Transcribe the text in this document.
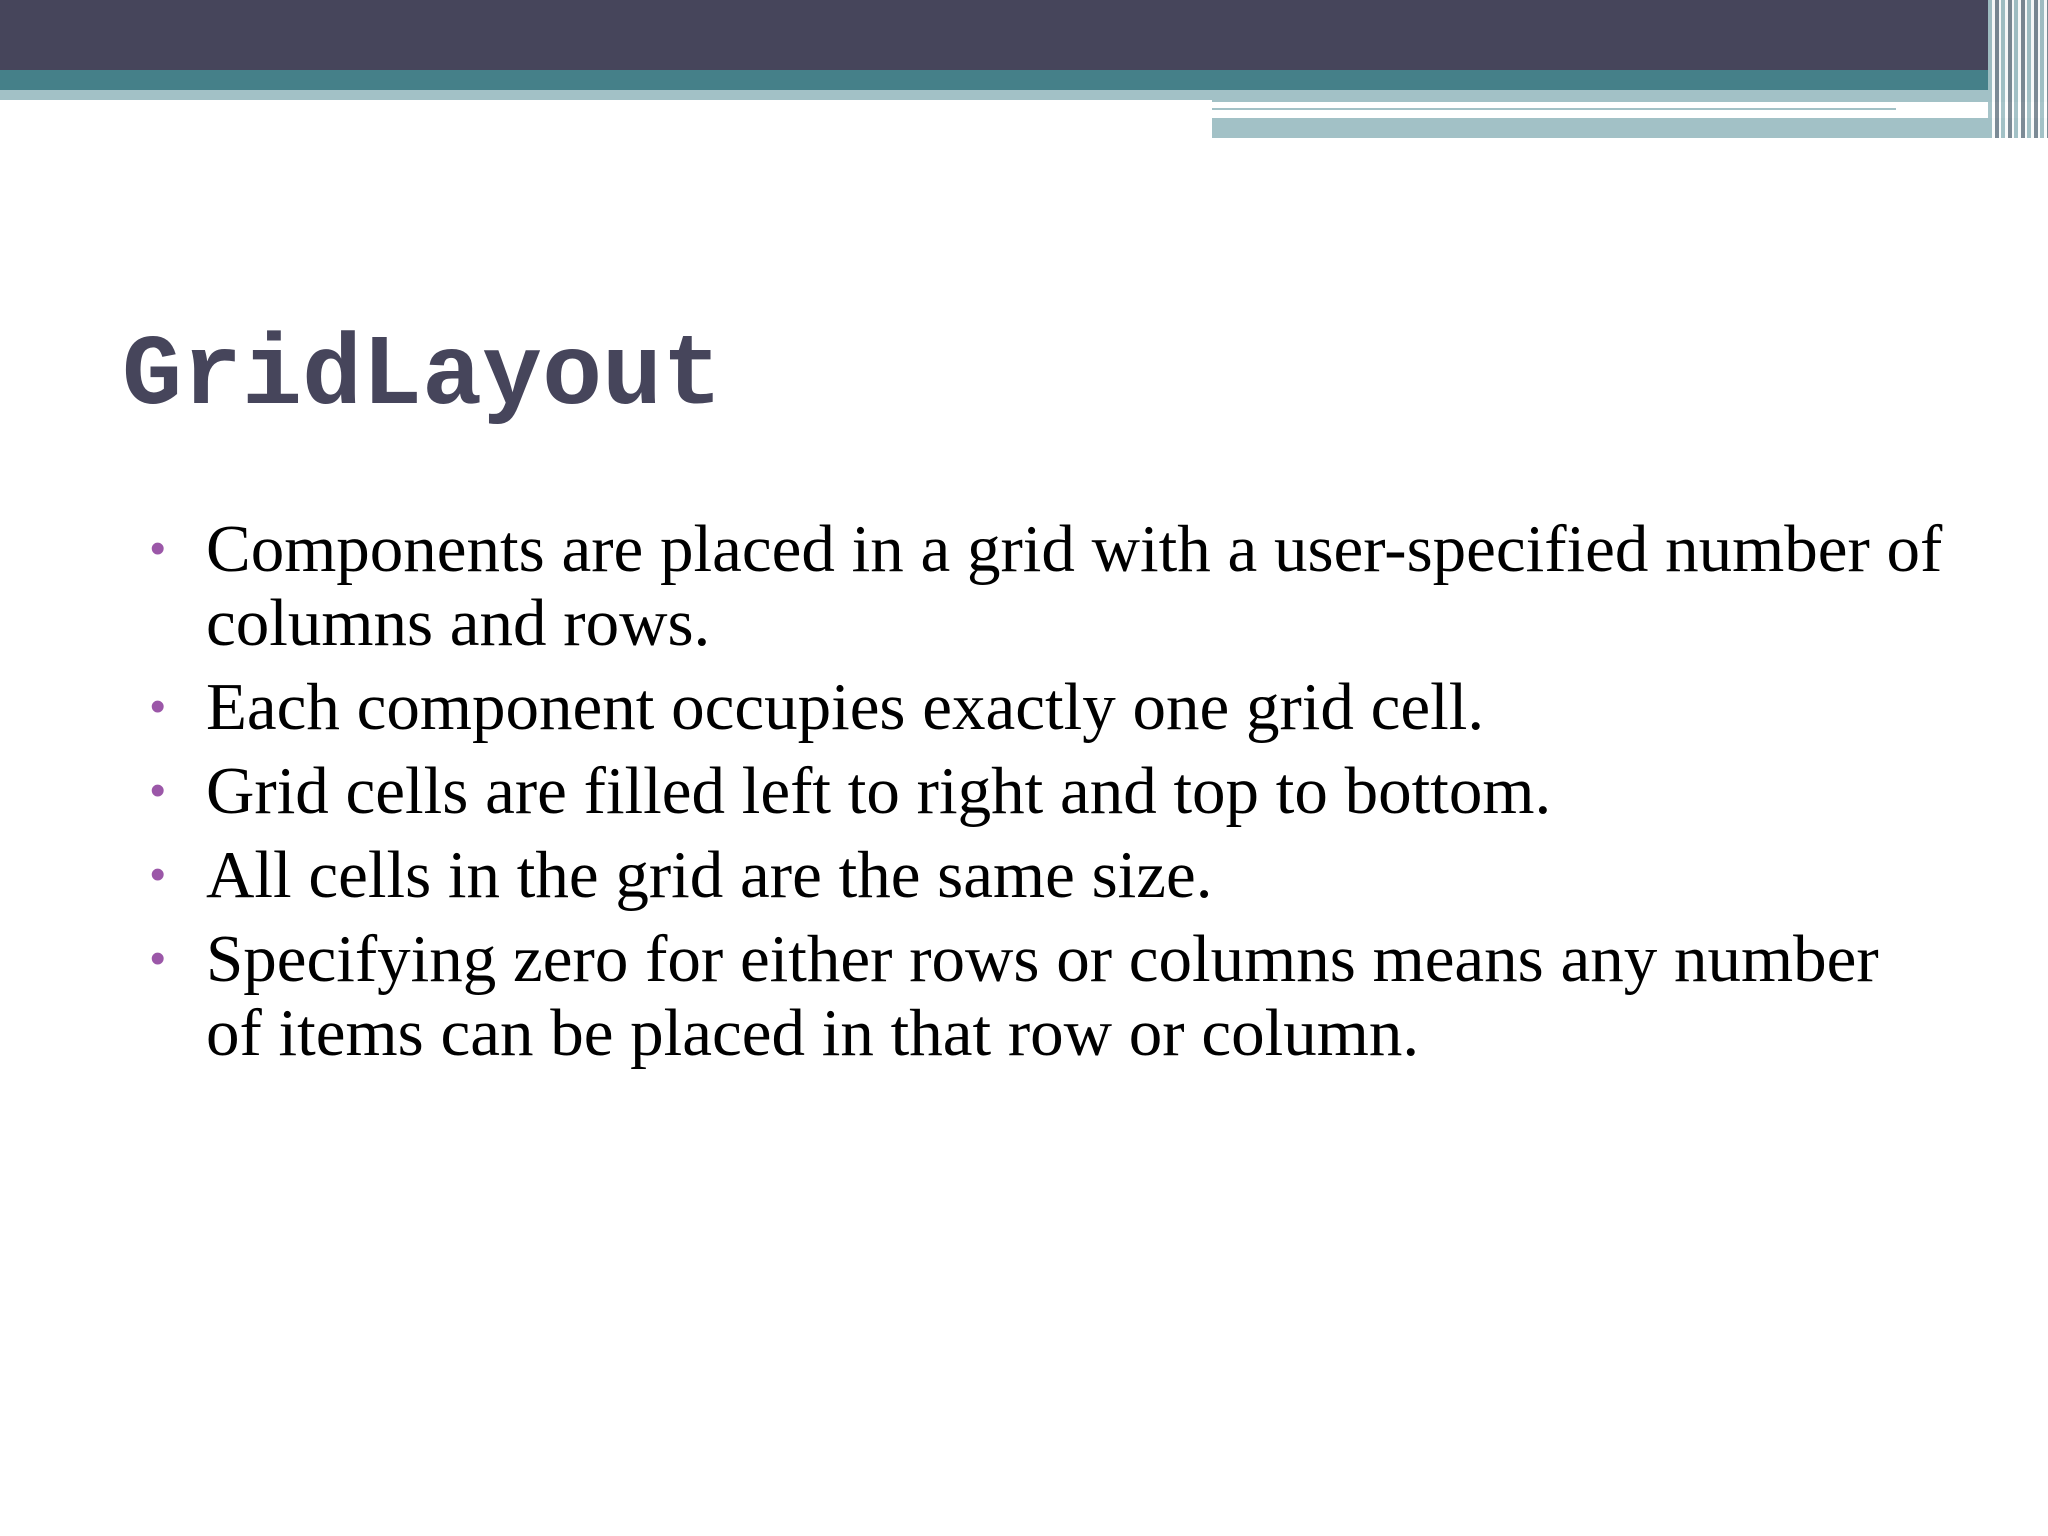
GridLayout
• Components are placed in a grid with a user-specified number of columns and rows.
• Each component occupies exactly one grid cell.
• Grid cells are filled left to right and top to bottom.
• All cells in the grid are the same size.
• Specifying zero for either rows or columns means any number of items can be placed in that row or column.
